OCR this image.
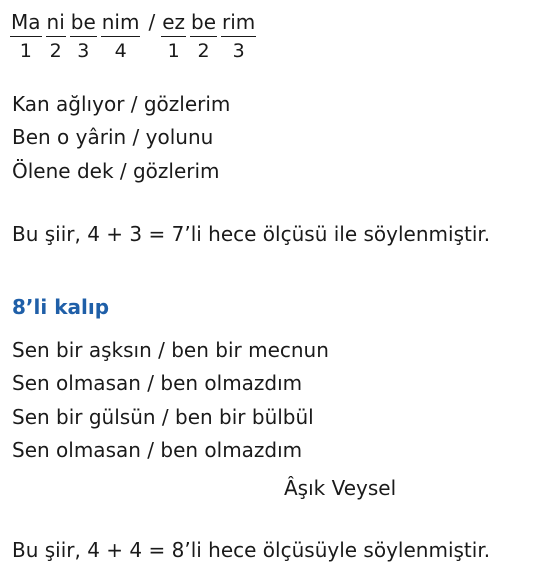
Ma
1
ni
2
be
3
nim
4
/ ez
1
be
2
rim
3
Kan ağlıyor / gözlerim
Ben o yârin / yolunu
Ölene dek / gözlerim
Bu şiir, 4 + 3 = 7’li hece ölçüsü ile söylenmiştir.
8’li kalıp
Sen bir aşksın / ben bir mecnun
Sen olmasan / ben olmazdım
Sen bir gülsün / ben bir bülbül
Sen olmasan / ben olmazdım
Âşık Veysel
Bu şiir, 4 + 4 = 8’li hece ölçüsüyle söylenmiştir.
